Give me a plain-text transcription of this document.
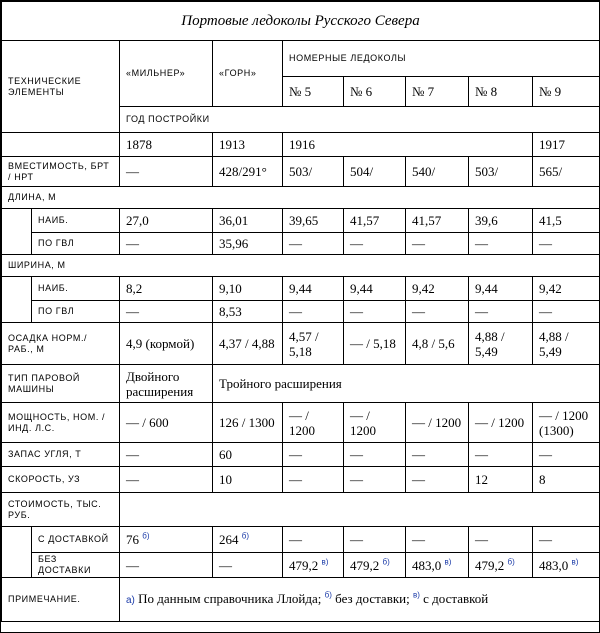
Портовые ледоколы Русского Севера								
ТЕХНИЧЕСКИЕ ЭЛЕМЕНТЫ		«МИЛЬНЕР»	«ГОРН»	НОМЕРНЫЕ ЛЕДОКОЛЫ				
				№ 5	№ 6	№ 7	№ 8	№ 9
		ГОД ПОСТРОЙКИ						
		1878	1913	1916				1917
ВМЕСТИМОСТЬ, БРТ / НРТ		—	428/291°	503/	504/	540/	503/	565/
ДЛИНА, М								
	НАИБ.	27,0	36,01	39,65	41,57	41,57	39,6	41,5
	ПО ГВЛ	—	35,96	—	—	—	—	—
ШИРИНА, М								
	НАИБ.	8,2	9,10	9,44	9,44	9,42	9,44	9,42
	ПО ГВЛ	—	8,53	—	—	—	—	—
ОСАДКА НОРМ./ РАБ., М		4,9 (кормой)	4,37 / 4,88	4,57 / 5,18	— / 5,18	4,8 / 5,6	4,88 / 5,49	4,88 / 5,49
ТИП ПАРОВОЙ МАШИНЫ		Двойного расширения	Тройного расширения					
МОЩНОСТЬ, НОМ. / ИНД. Л.С.		— / 600	126 / 1300	— / 1200	— / 1200	— / 1200	— / 1200	— / 1200 (1300)
ЗАПАС УГЛЯ, Т		—	60	—	—	—	—	—
СКОРОСТЬ, УЗ		—	10	—	—	—	12	8
СТОИМОСТЬ, ТЫС. РУБ.								
	С ДОСТАВКОЙ	76 $^{б)}$	264 $^{б)}$	—	—	—	—	—
	БЕЗ ДОСТАВКИ	—	—	479,2 $^{в)}$	479,2 $^{б)}$	483,0 $^{в)}$	479,2 $^{б)}$	483,0 $^{в)}$
ПРИМЕЧАНИЕ.		а) По данным справочника Ллойда; $^{б)}$ без доставки; $^{в)}$ с доставкой						
